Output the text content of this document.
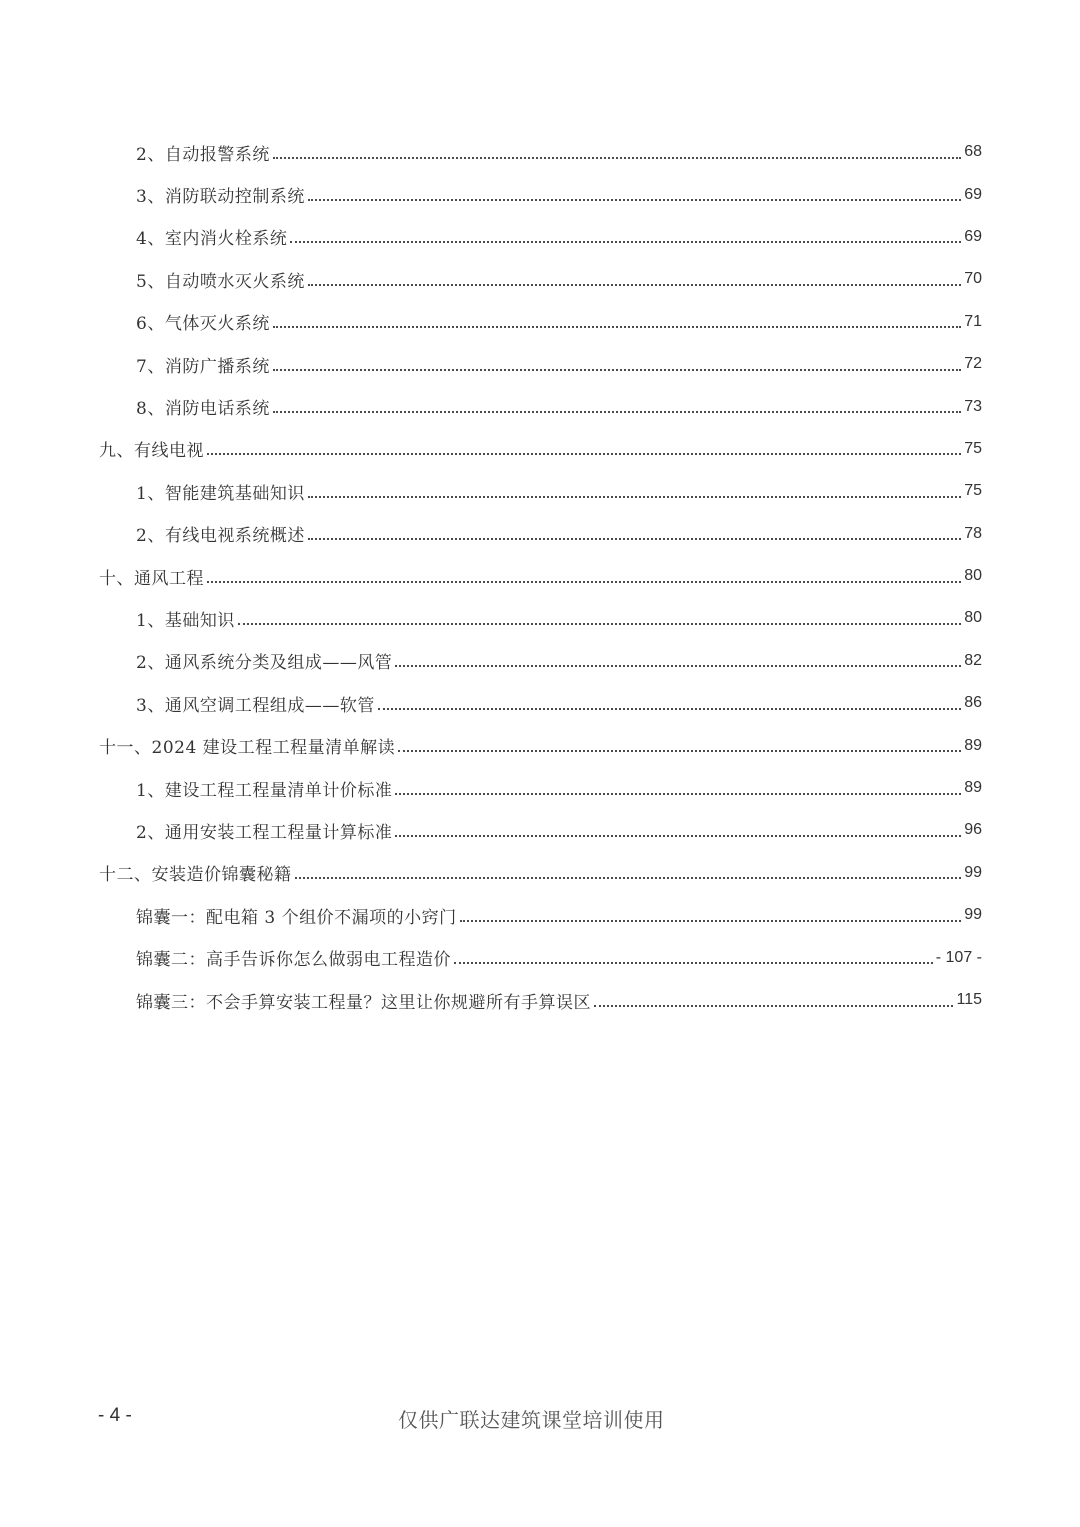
2、自动报警系统	68
3、消防联动控制系统	69
4、室内消火栓系统	69
5、自动喷水灭火系统	70
6、气体灭火系统	71
7、消防广播系统	72
8、消防电话系统	73
九、有线电视	75
1、智能建筑基础知识	75
2、有线电视系统概述	78
十、通风工程	80
1、基础知识	80
2、通风系统分类及组成——风管	82
3、通风空调工程组成——软管	86
十一、2024 建设工程工程量清单解读	89
1、建设工程工程量清单计价标准	89
2、通用安装工程工程量计算标准	96
十二、安装造价锦囊秘籍	99
锦囊一：配电箱 3 个组价不漏项的小窍门	99
锦囊二：高手告诉你怎么做弱电工程造价	- 107 -
锦囊三：不会手算安装工程量？这里让你规避所有手算误区	115
- 4 -	仅供广联达建筑课堂培训使用
